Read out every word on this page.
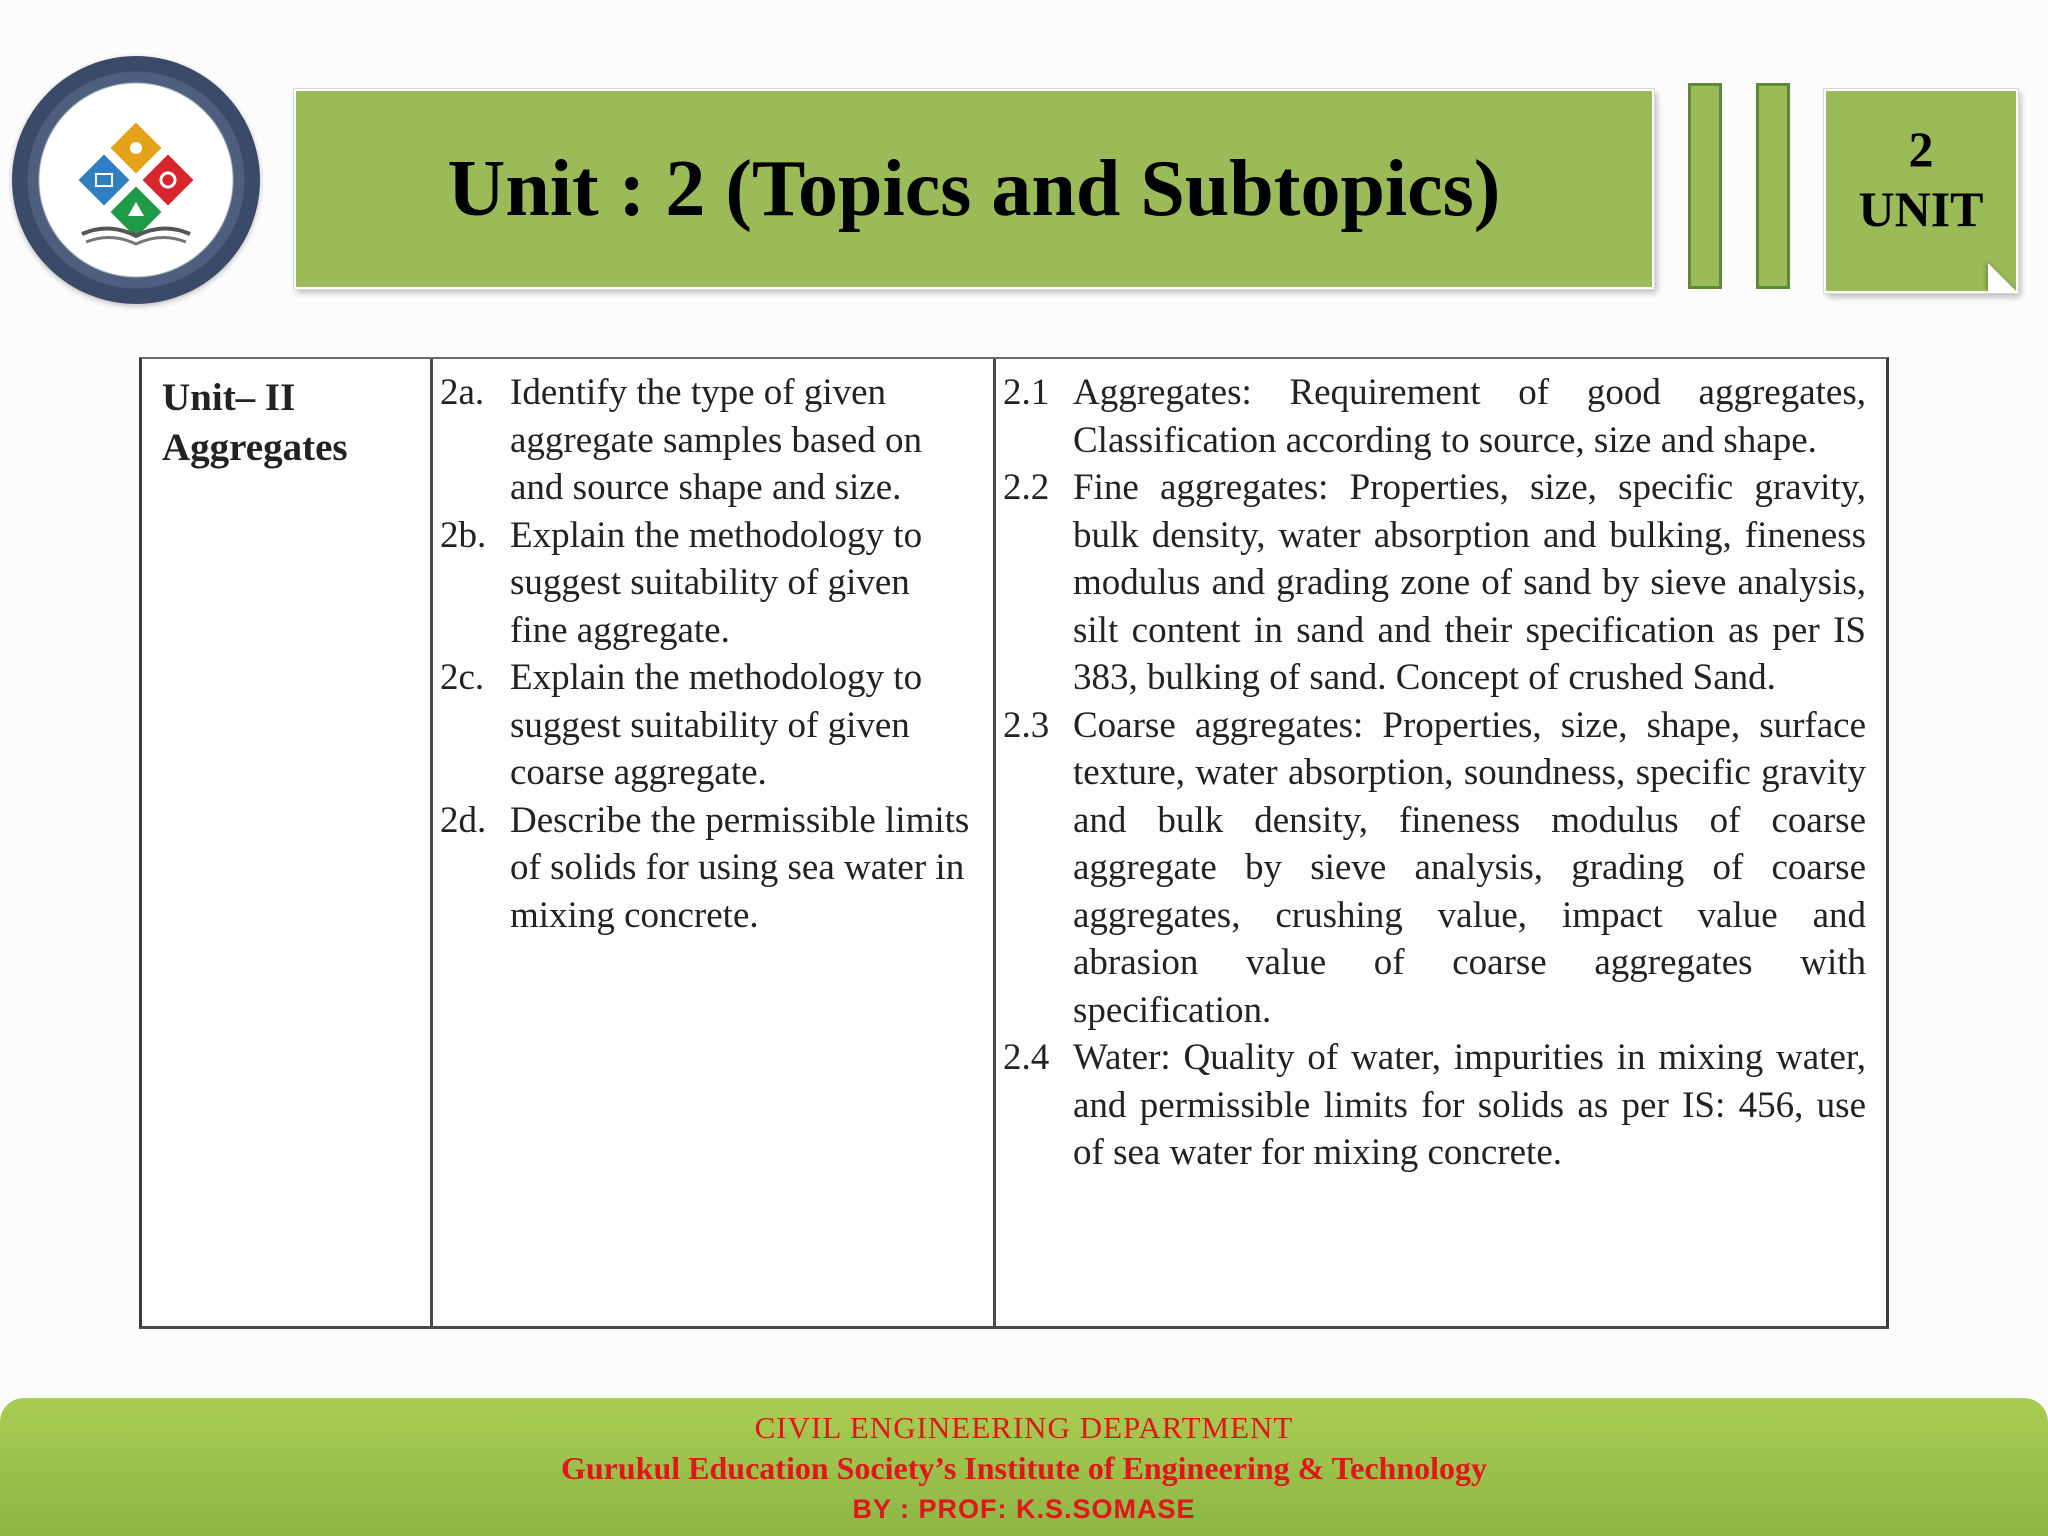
Unit : 2 (Topics and Subtopics)	2
UNIT
Unit– II
Aggregates
2a. Identify the type of given aggregate samples based on and source shape and size.
2b. Explain the methodology to suggest suitability of given fine aggregate.
2c. Explain the methodology to suggest suitability of given coarse aggregate.
2d. Describe the permissible limits of solids for using sea water in mixing concrete.
2.1 Aggregates: Requirement of good aggregates, Classification according to source, size and shape.
2.2 Fine aggregates: Properties, size, specific gravity, bulk density, water absorption and bulking, fineness modulus and grading zone of sand by sieve analysis, silt content in sand and their specification as per IS 383, bulking of sand. Concept of crushed Sand.
2.3 Coarse aggregates: Properties, size, shape, surface texture, water absorption, soundness, specific gravity and bulk density, fineness modulus of coarse aggregate by sieve analysis, grading of coarse aggregates, crushing value, impact value and abrasion value of coarse aggregates with specification.
2.4 Water: Quality of water, impurities in mixing water, and permissible limits for solids as per IS: 456, use of sea water for mixing concrete.
CIVIL ENGINEERING DEPARTMENT
Gurukul Education Society’s Institute of Engineering & Technology
BY : PROF: K.S.SOMASE
